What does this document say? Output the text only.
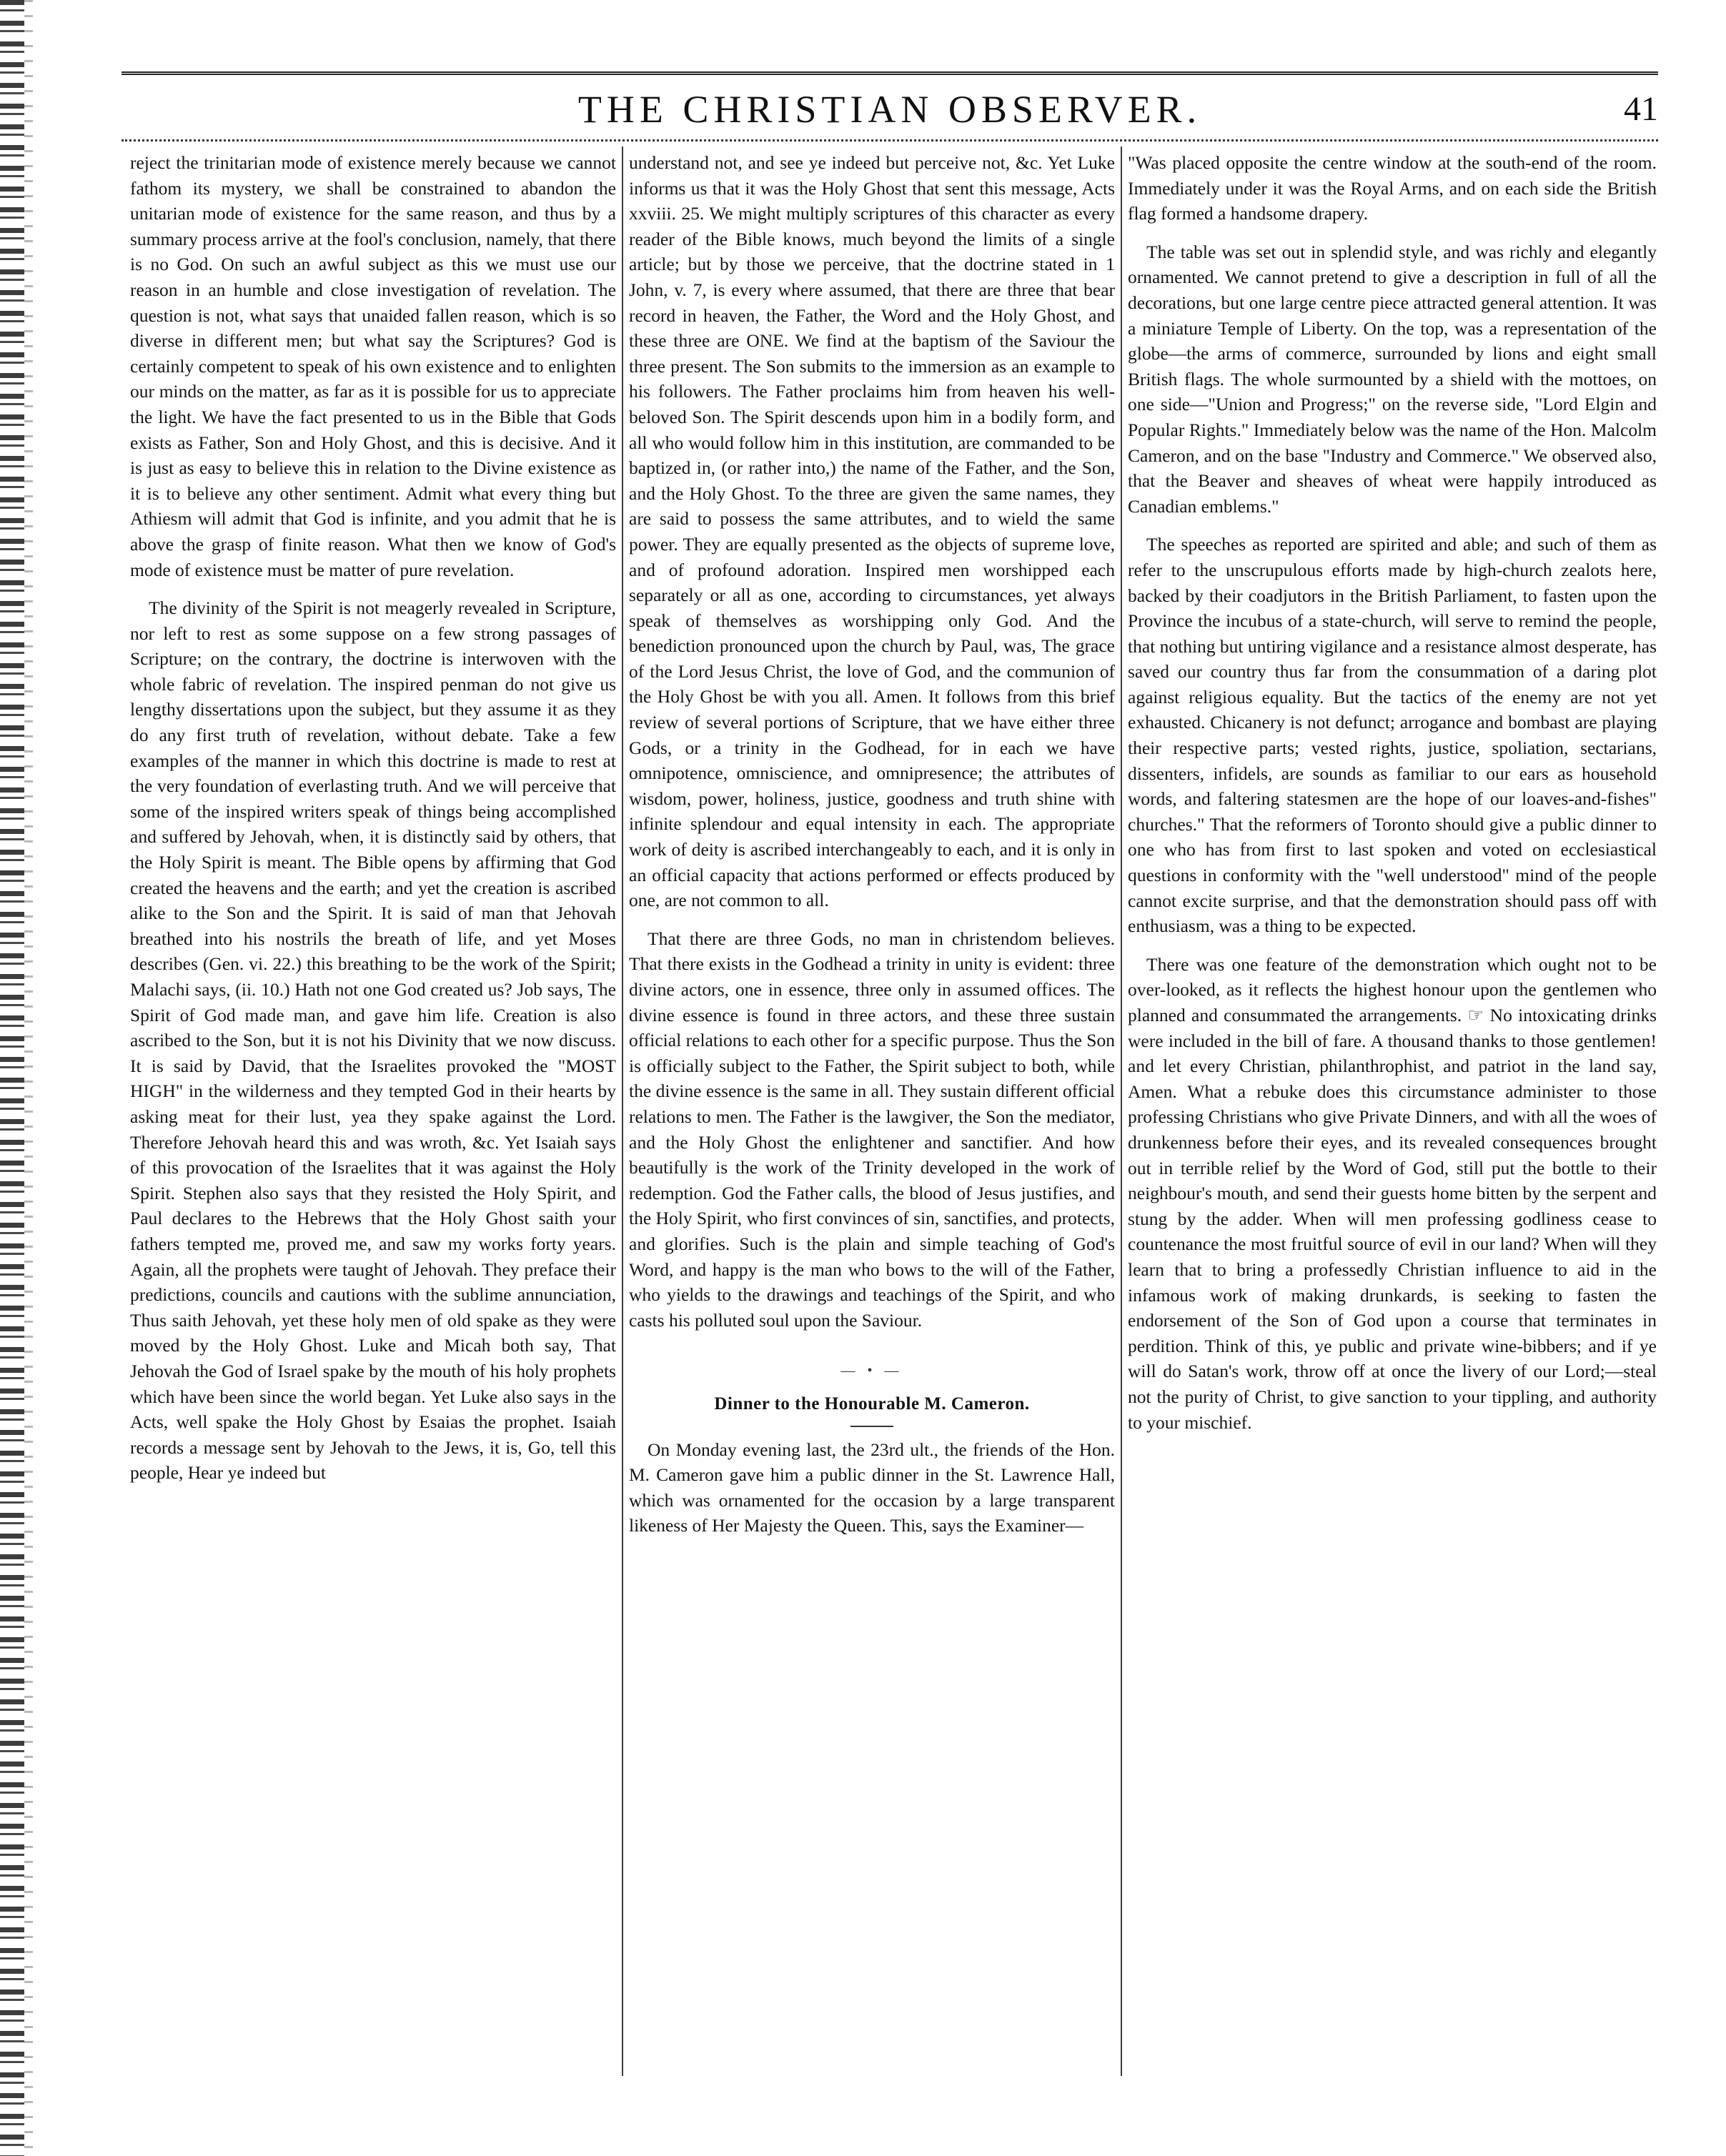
THE CHRISTIAN OBSERVER.	41

reject the trinitarian mode of existence merely because we cannot fathom its mystery, we shall be constrained to abandon the unitarian mode of existence for the same reason, and thus by a summary process arrive at the fool's conclusion, namely, that there is no God. On such an awful subject as this we must use our reason in an humble and close investigation of revelation. The question is not, what says that unaided fallen reason, which is so diverse in different men; but what say the Scriptures? God is certainly competent to speak of his own existence and to enlighten our minds on the matter, as far as it is possible for us to appreciate the light. We have the fact presented to us in the Bible that Gods exists as Father, Son and Holy Ghost, and this is decisive. And it is just as easy to believe this in relation to the Divine existence as it is to believe any other sentiment. Admit what every thing but Athiesm will admit that God is infinite, and you admit that he is above the grasp of finite reason. What then we know of God's mode of existence must be matter of pure revelation.

The divinity of the Spirit is not meagerly revealed in Scripture, nor left to rest as some suppose on a few strong passages of Scripture; on the contrary, the doctrine is interwoven with the whole fabric of revelation. The inspired penman do not give us lengthy dissertations upon the subject, but they assume it as they do any first truth of revelation, without debate. Take a few examples of the manner in which this doctrine is made to rest at the very foundation of everlasting truth. And we will perceive that some of the inspired writers speak of things being accomplished and suffered by Jehovah, when, it is distinctly said by others, that the Holy Spirit is meant. The Bible opens by affirming that God created the heavens and the earth; and yet the creation is ascribed alike to the Son and the Spirit. It is said of man that Jehovah breathed into his nostrils the breath of life, and yet Moses describes (Gen. vi. 22.) this breathing to be the work of the Spirit; Malachi says, (ii. 10.) Hath not one God created us? Job says, The Spirit of God made man, and gave him life. Creation is also ascribed to the Son, but it is not his Divinity that we now discuss. It is said by David, that the Israelites provoked the "MOST HIGH" in the wilderness and they tempted God in their hearts by asking meat for their lust, yea they spake against the Lord. Therefore Jehovah heard this and was wroth, &c. Yet Isaiah says of this provocation of the Israelites that it was against the Holy Spirit. Stephen also says that they resisted the Holy Spirit, and Paul declares to the Hebrews that the Holy Ghost saith your fathers tempted me, proved me, and saw my works forty years. Again, all the prophets were taught of Jehovah. They preface their predictions, councils and cautions with the sublime annunciation, Thus saith Jehovah, yet these holy men of old spake as they were moved by the Holy Ghost. Luke and Micah both say, That Jehovah the God of Israel spake by the mouth of his holy prophets which have been since the world began. Yet Luke also says in the Acts, well spake the Holy Ghost by Esaias the prophet. Isaiah records a message sent by Jehovah to the Jews, it is, Go, tell this people, Hear ye indeed but

understand not, and see ye indeed but perceive not, &c. Yet Luke informs us that it was the Holy Ghost that sent this message, Acts xxviii. 25. We might multiply scriptures of this character as every reader of the Bible knows, much beyond the limits of a single article; but by those we perceive, that the doctrine stated in 1 John, v. 7, is every where assumed, that there are three that bear record in heaven, the Father, the Word and the Holy Ghost, and these three are ONE. We find at the baptism of the Saviour the three present. The Son submits to the immersion as an example to his followers. The Father proclaims him from heaven his well-beloved Son. The Spirit descends upon him in a bodily form, and all who would follow him in this institution, are commanded to be baptized in, (or rather into,) the name of the Father, and the Son, and the Holy Ghost. To the three are given the same names, they are said to possess the same attributes, and to wield the same power. They are equally presented as the objects of supreme love, and of profound adoration. Inspired men worshipped each separately or all as one, according to circumstances, yet always speak of themselves as worshipping only God. And the benediction pronounced upon the church by Paul, was, The grace of the Lord Jesus Christ, the love of God, and the communion of the Holy Ghost be with you all. Amen. It follows from this brief review of several portions of Scripture, that we have either three Gods, or a trinity in the Godhead, for in each we have omnipotence, omniscience, and omnipresence; the attributes of wisdom, power, holiness, justice, goodness and truth shine with infinite splendour and equal intensity in each. The appropriate work of deity is ascribed interchangeably to each, and it is only in an official capacity that actions performed or effects produced by one, are not common to all.

That there are three Gods, no man in christendom believes. That there exists in the Godhead a trinity in unity is evident: three divine actors, one in essence, three only in assumed offices. The divine essence is found in three actors, and these three sustain official relations to each other for a specific purpose. Thus the Son is officially subject to the Father, the Spirit subject to both, while the divine essence is the same in all. They sustain different official relations to men. The Father is the lawgiver, the Son the mediator, and the Holy Ghost the enlightener and sanctifier. And how beautifully is the work of the Trinity developed in the work of redemption. God the Father calls, the blood of Jesus justifies, and the Holy Spirit, who first convinces of sin, sanctifies, and protects, and glorifies. Such is the plain and simple teaching of God's Word, and happy is the man who bows to the will of the Father, who yields to the drawings and teachings of the Spirit, and who casts his polluted soul upon the Saviour.

— • —
Dinner to the Honourable M. Cameron.

On Monday evening last, the 23rd ult., the friends of the Hon. M. Cameron gave him a public dinner in the St. Lawrence Hall, which was ornamented for the occasion by a large transparent likeness of Her Majesty the Queen. This, says the Examiner—

"Was placed opposite the centre window at the south-end of the room. Immediately under it was the Royal Arms, and on each side the British flag formed a handsome drapery.

The table was set out in splendid style, and was richly and elegantly ornamented. We cannot pretend to give a description in full of all the decorations, but one large centre piece attracted general attention. It was a miniature Temple of Liberty. On the top, was a representation of the globe—the arms of commerce, surrounded by lions and eight small British flags. The whole surmounted by a shield with the mottoes, on one side—"Union and Progress;" on the reverse side, "Lord Elgin and Popular Rights." Immediately below was the name of the Hon. Malcolm Cameron, and on the base "Industry and Commerce." We observed also, that the Beaver and sheaves of wheat were happily introduced as Canadian emblems."

The speeches as reported are spirited and able; and such of them as refer to the unscrupulous efforts made by high-church zealots here, backed by their coadjutors in the British Parliament, to fasten upon the Province the incubus of a state-church, will serve to remind the people, that nothing but untiring vigilance and a resistance almost desperate, has saved our country thus far from the consummation of a daring plot against religious equality. But the tactics of the enemy are not yet exhausted. Chicanery is not defunct; arrogance and bombast are playing their respective parts; vested rights, justice, spoliation, sectarians, dissenters, infidels, are sounds as familiar to our ears as household words, and faltering statesmen are the hope of our loaves-and-fishes" churches." That the reformers of Toronto should give a public dinner to one who has from first to last spoken and voted on ecclesiastical questions in conformity with the "well understood" mind of the people cannot excite surprise, and that the demonstration should pass off with enthusiasm, was a thing to be expected.

There was one feature of the demonstration which ought not to be over-looked, as it reflects the highest honour upon the gentlemen who planned and consummated the arrangements. ☞ No intoxicating drinks were included in the bill of fare. A thousand thanks to those gentlemen! and let every Christian, philanthrophist, and patriot in the land say, Amen. What a rebuke does this circumstance administer to those professing Christians who give Private Dinners, and with all the woes of drunkenness before their eyes, and its revealed consequences brought out in terrible relief by the Word of God, still put the bottle to their neighbour's mouth, and send their guests home bitten by the serpent and stung by the adder. When will men professing godliness cease to countenance the most fruitful source of evil in our land? When will they learn that to bring a professedly Christian influence to aid in the infamous work of making drunkards, is seeking to fasten the endorsement of the Son of God upon a course that terminates in perdition. Think of this, ye public and private wine-bibbers; and if ye will do Satan's work, throw off at once the livery of our Lord;—steal not the purity of Christ, to give sanction to your tippling, and authority to your mischief.
